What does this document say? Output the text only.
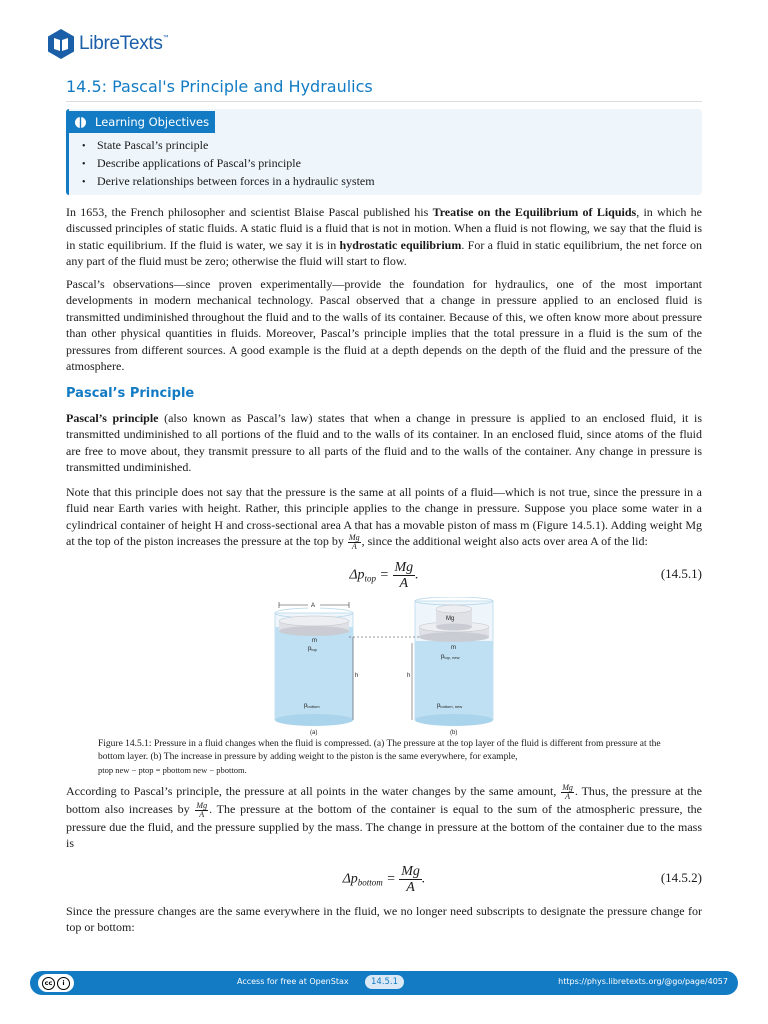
LibreTexts™
14.5: Pascal's Principle and Hydraulics
Learning Objectives
• State Pascal’s principle
• Describe applications of Pascal’s principle
• Derive relationships between forces in a hydraulic system

In 1653, the French philosopher and scientist Blaise Pascal published his Treatise on the Equilibrium of Liquids, in which he discussed principles of static fluids. A static fluid is a fluid that is not in motion. When a fluid is not flowing, we say that the fluid is in static equilibrium. If the fluid is water, we say it is in hydrostatic equilibrium. For a fluid in static equilibrium, the net force on any part of the fluid must be zero; otherwise the fluid will start to flow.

Pascal’s observations—since proven experimentally—provide the foundation for hydraulics, one of the most important developments in modern mechanical technology. Pascal observed that a change in pressure applied to an enclosed fluid is transmitted undiminished throughout the fluid and to the walls of its container. Because of this, we often know more about pressure than other physical quantities in fluids. Moreover, Pascal’s principle implies that the total pressure in a fluid is the sum of the pressures from different sources. A good example is the fluid at a depth depends on the depth of the fluid and the pressure of the atmosphere.

Pascal’s Principle

Pascal’s principle (also known as Pascal’s law) states that when a change in pressure is applied to an enclosed fluid, it is transmitted undiminished to all portions of the fluid and to the walls of its container. In an enclosed fluid, since atoms of the fluid are free to move about, they transmit pressure to all parts of the fluid and to the walls of the container. Any change in pressure is transmitted undiminished.

Note that this principle does not say that the pressure is the same at all points of a fluid—which is not true, since the pressure in a fluid near Earth varies with height. Rather, this principle applies to the change in pressure. Suppose you place some water in a cylindrical container of height H and cross-sectional area A that has a movable piston of mass m (Figure 14.5.1). Adding weight Mg at the top of the piston increases the pressure at the top by $\frac{Mg}{A}$ , since the additional weight also acts over area A of the lid:

$\Delta p_{top} = \frac{Mg}{A}$.	(14.5.1)
A
m
ptop
pbottom
h	h
Mg
m
ptop, new
pbottom, new
(a)	(b)

Figure 14.5.1: Pressure in a fluid changes when the fluid is compressed. (a) The pressure at the top layer of the fluid is different from pressure at the bottom layer. (b) The increase in pressure by adding weight to the piston is the same everywhere, for example,
ptop new − ptop = pbottom new − pbottom.

According to Pascal’s principle, the pressure at all points in the water changes by the same amount, $\frac{Mg}{A}$ . Thus, the pressure at the bottom also increases by $\frac{Mg}{A}$ . The pressure at the bottom of the container is equal to the sum of the atmospheric pressure, the pressure due the fluid, and the pressure supplied by the mass. The change in pressure at the bottom of the container due to the mass is

$\Delta p_{bottom} = \frac{Mg}{A}$.	(14.5.2)

Since the pressure changes are the same everywhere in the fluid, we no longer need subscripts to designate the pressure change for top or bottom:

cc	i	Access for free at OpenStax	14.5.1	https://phys.libretexts.org/@go/page/4057
